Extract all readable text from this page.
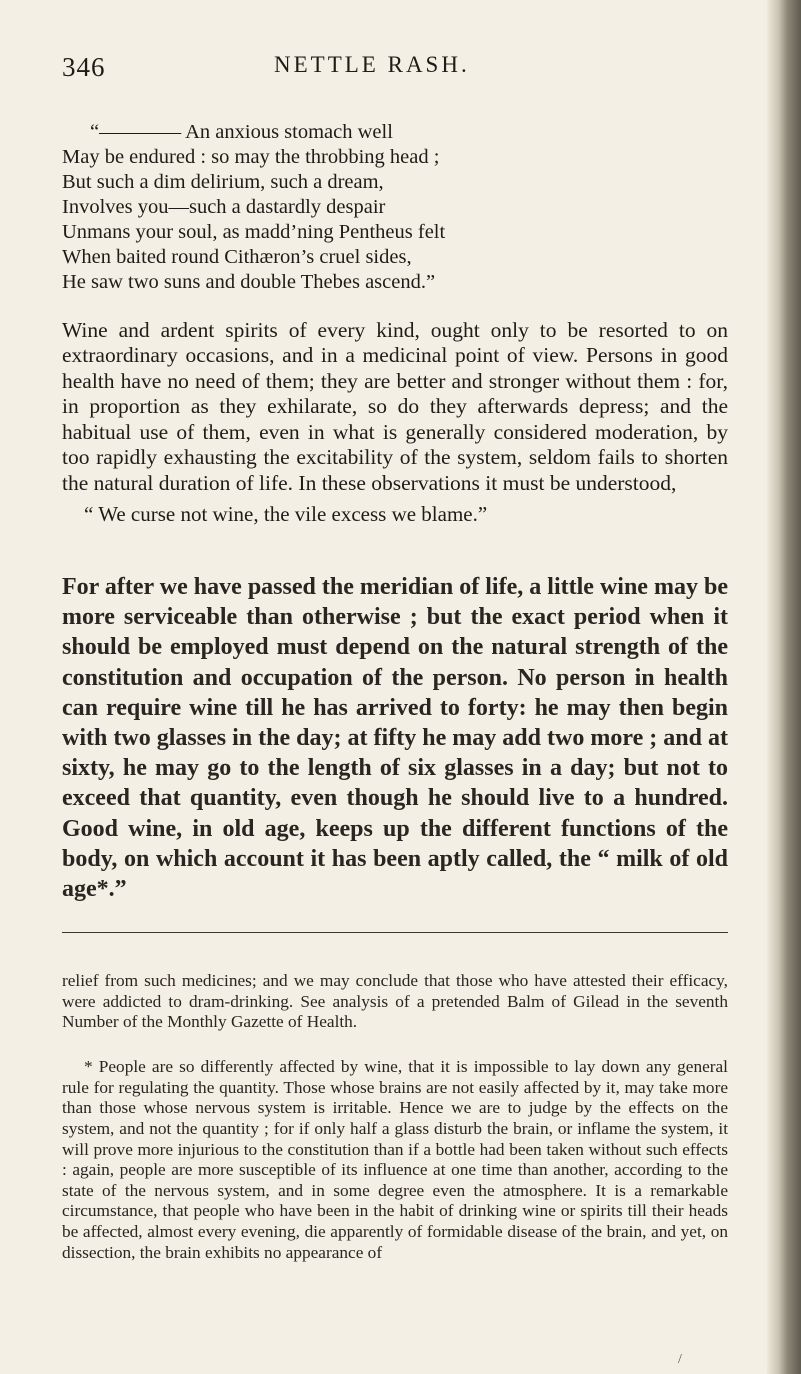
346	NETTLE RASH.
“———— An anxious stomach well
May be endured : so may the throbbing head ;
But such a dim delirium, such a dream,
Involves you—such a dastardly despair
Unmans your soul, as madd’ning Pentheus felt
When baited round Cithæron’s cruel sides,
He saw two suns and double Thebes ascend.”

Wine and ardent spirits of every kind, ought only to be resorted to on extraordinary occasions, and in a medicinal point of view. Persons in good health have no need of them; they are better and stronger without them : for, in proportion as they exhilarate, so do they afterwards depress; and the habitual use of them, even in what is generally considered moderation, by too rapidly exhausting the excitability of the system, seldom fails to shorten the natural duration of life. In these observations it must be understood,

“ We curse not wine, the vile excess we blame.”

For after we have passed the meridian of life, a little wine may be more serviceable than otherwise ; but the exact period when it should be employed must depend on the natural strength of the constitution and occupation of the person. No person in health can require wine till he has arrived to forty: he may then begin with two glasses in the day; at fifty he may add two more ; and at sixty, he may go to the length of six glasses in a day; but not to exceed that quantity, even though he should live to a hundred. Good wine, in old age, keeps up the different functions of the body, on which account it has been aptly called, the “ milk of old age*.”

relief from such medicines; and we may conclude that those who have attested their efficacy, were addicted to dram-drinking. See analysis of a pretended Balm of Gilead in the seventh Number of the Monthly Gazette of Health.

* People are so differently affected by wine, that it is impossible to lay down any general rule for regulating the quantity. Those whose brains are not easily affected by it, may take more than those whose nervous system is irritable. Hence we are to judge by the effects on the system, and not the quantity ; for if only half a glass disturb the brain, or inflame the system, it will prove more injurious to the constitution than if a bottle had been taken without such effects : again, people are more susceptible of its influence at one time than another, according to the state of the nervous system, and in some degree even the atmosphere. It is a remarkable circumstance, that people who have been in the habit of drinking wine or spirits till their heads be affected, almost every evening, die apparently of formidable disease of the brain, and yet, on dissection, the brain exhibits no appearance of

/
